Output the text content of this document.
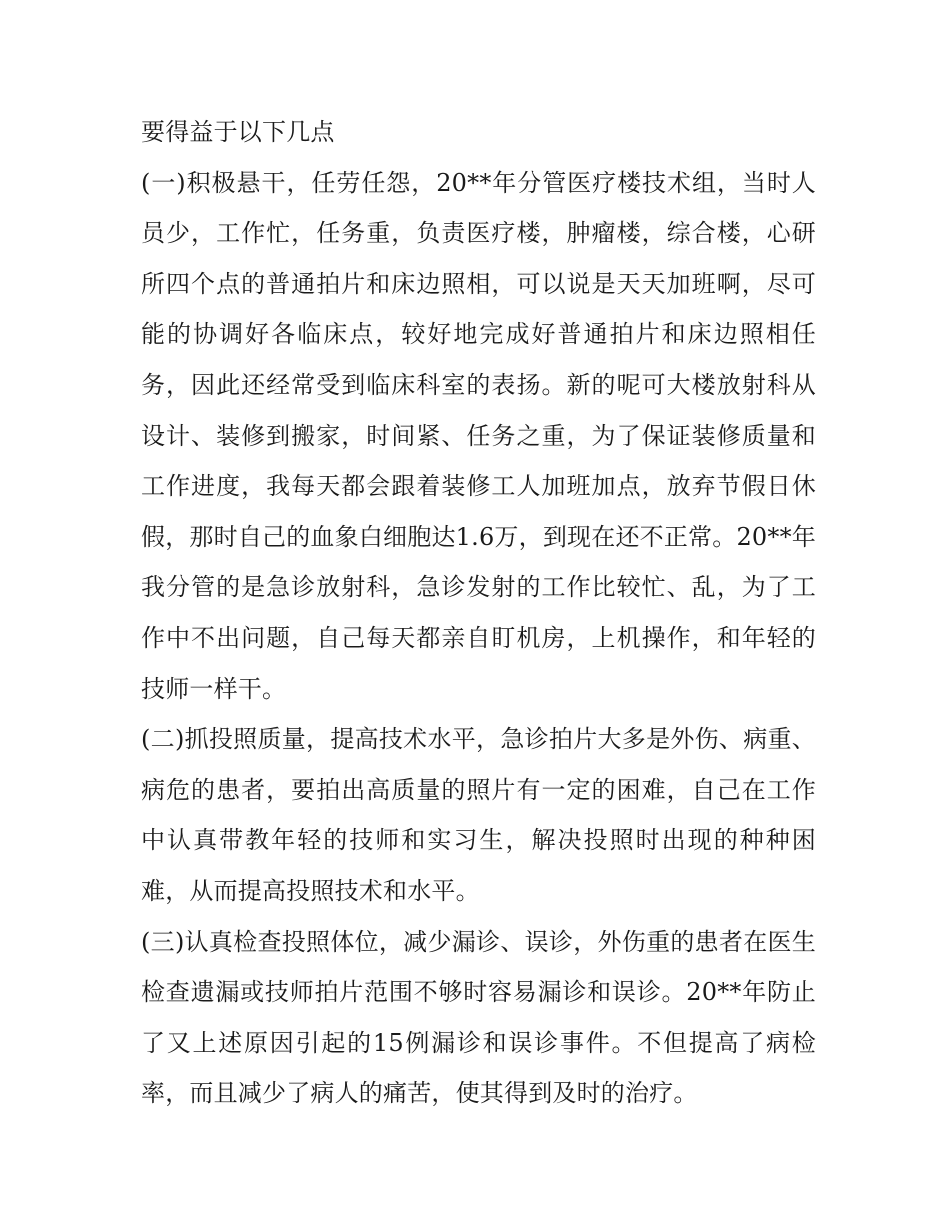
要得益于以下几点

(一)积极悬干，任劳任怨，20**年分管医疗楼技术组，当时人员少，工作忙，任务重，负责医疗楼，肿瘤楼，综合楼，心研所四个点的普通拍片和床边照相，可以说是天天加班啊，尽可能的协调好各临床点，较好地完成好普通拍片和床边照相任务，因此还经常受到临床科室的表扬。新的呢可大楼放射科从设计、装修到搬家，时间紧、任务之重，为了保证装修质量和工作进度，我每天都会跟着装修工人加班加点，放弃节假日休假，那时自己的血象白细胞达1.6万，到现在还不正常。20**年我分管的是急诊放射科，急诊发射的工作比较忙、乱，为了工作中不出问题，自己每天都亲自盯机房，上机操作，和年轻的技师一样干。

(二)抓投照质量，提高技术水平，急诊拍片大多是外伤、病重、病危的患者，要拍出高质量的照片有一定的困难，自己在工作中认真带教年轻的技师和实习生，解决投照时出现的种种困难，从而提高投照技术和水平。

(三)认真检查投照体位，减少漏诊、误诊，外伤重的患者在医生检查遗漏或技师拍片范围不够时容易漏诊和误诊。20**年防止了又上述原因引起的15例漏诊和误诊事件。不但提高了病检率，而且减少了病人的痛苦，使其得到及时的治疗。
